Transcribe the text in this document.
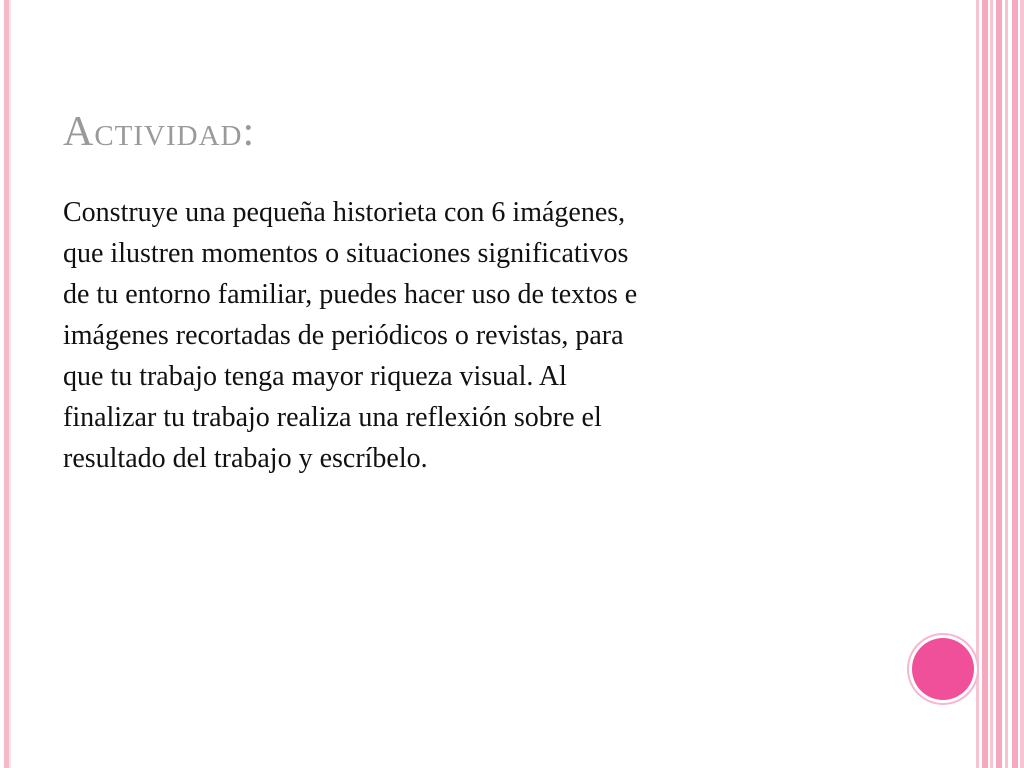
Actividad:
Construye una pequeña historieta con 6 imágenes,
que ilustren momentos o situaciones significativos
de tu entorno familiar, puedes hacer uso de textos e
imágenes recortadas de periódicos o revistas, para
que tu trabajo tenga mayor riqueza visual. Al
finalizar tu trabajo realiza una reflexión sobre el
resultado del trabajo y escríbelo.
